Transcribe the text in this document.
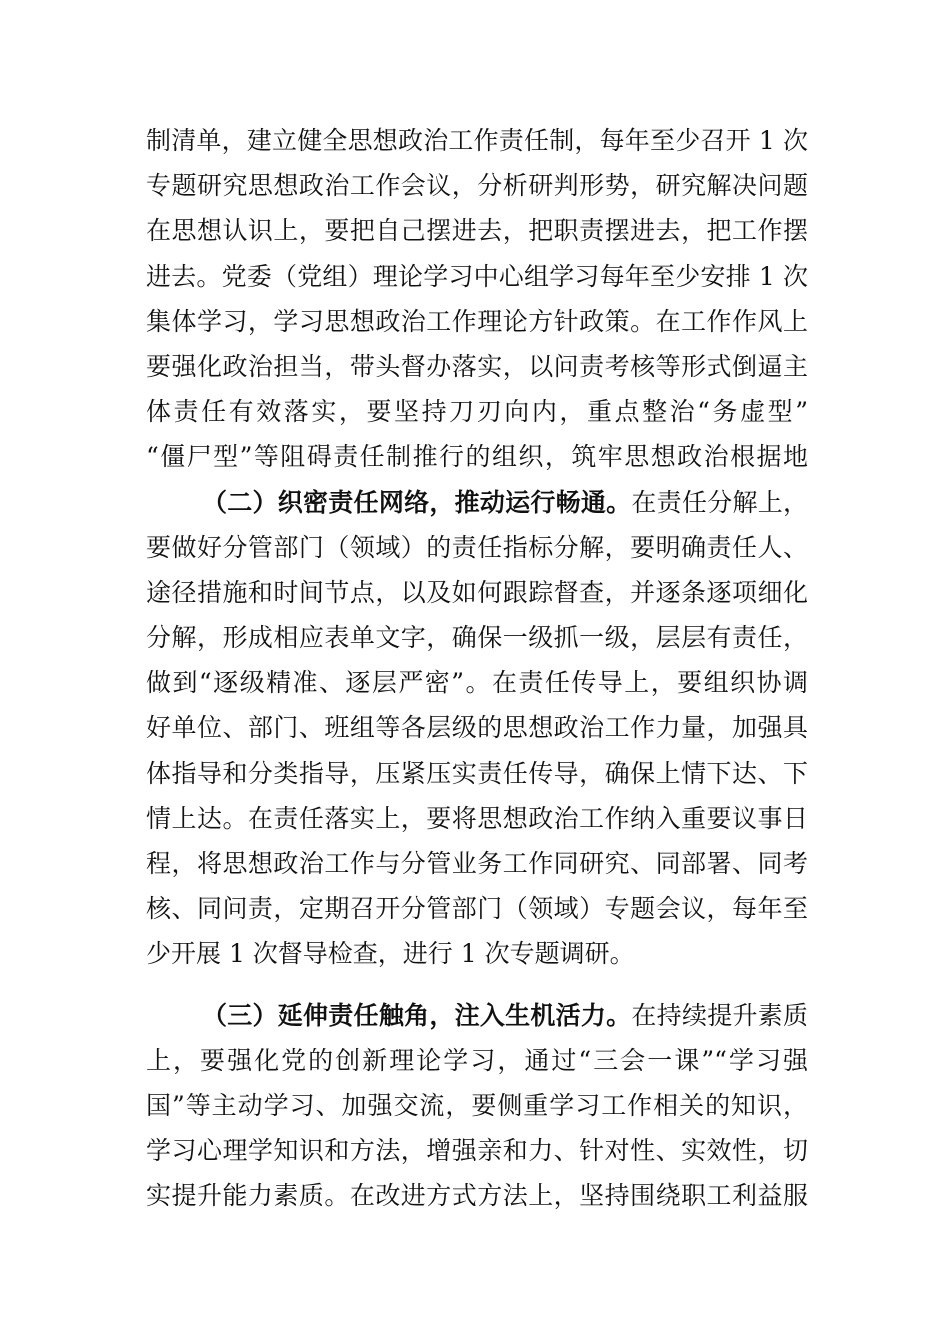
制清单，建立健全思想政治工作责任制，每年至少召开 1 次
专题研究思想政治工作会议，分析研判形势，研究解决问题
在思想认识上，要把自己摆进去，把职责摆进去，把工作摆
进去。党委（党组）理论学习中心组学习每年至少安排 1 次
集体学习，学习思想政治工作理论方针政策。在工作作风上
要强化政治担当，带头督办落实，以问责考核等形式倒逼主
体责任有效落实，要坚持刀刃向内，重点整治“务虚型”
“僵尸型”等阻碍责任制推行的组织，筑牢思想政治根据地
（二）织密责任网络，推动运行畅通。在责任分解上，
要做好分管部门（领域）的责任指标分解，要明确责任人、
途径措施和时间节点，以及如何跟踪督查，并逐条逐项细化
分解，形成相应表单文字，确保一级抓一级，层层有责任，
做到“逐级精准、逐层严密”。在责任传导上，要组织协调
好单位、部门、班组等各层级的思想政治工作力量，加强具
体指导和分类指导，压紧压实责任传导，确保上情下达、下
情上达。在责任落实上，要将思想政治工作纳入重要议事日
程，将思想政治工作与分管业务工作同研究、同部署、同考
核、同问责，定期召开分管部门（领域）专题会议，每年至
少开展 1 次督导检查，进行 1 次专题调研。
（三）延伸责任触角，注入生机活力。在持续提升素质
上，要强化党的创新理论学习，通过“三会一课”“学习强
国”等主动学习、加强交流，要侧重学习工作相关的知识，
学习心理学知识和方法，增强亲和力、针对性、实效性，切
实提升能力素质。在改进方式方法上，坚持围绕职工利益服
